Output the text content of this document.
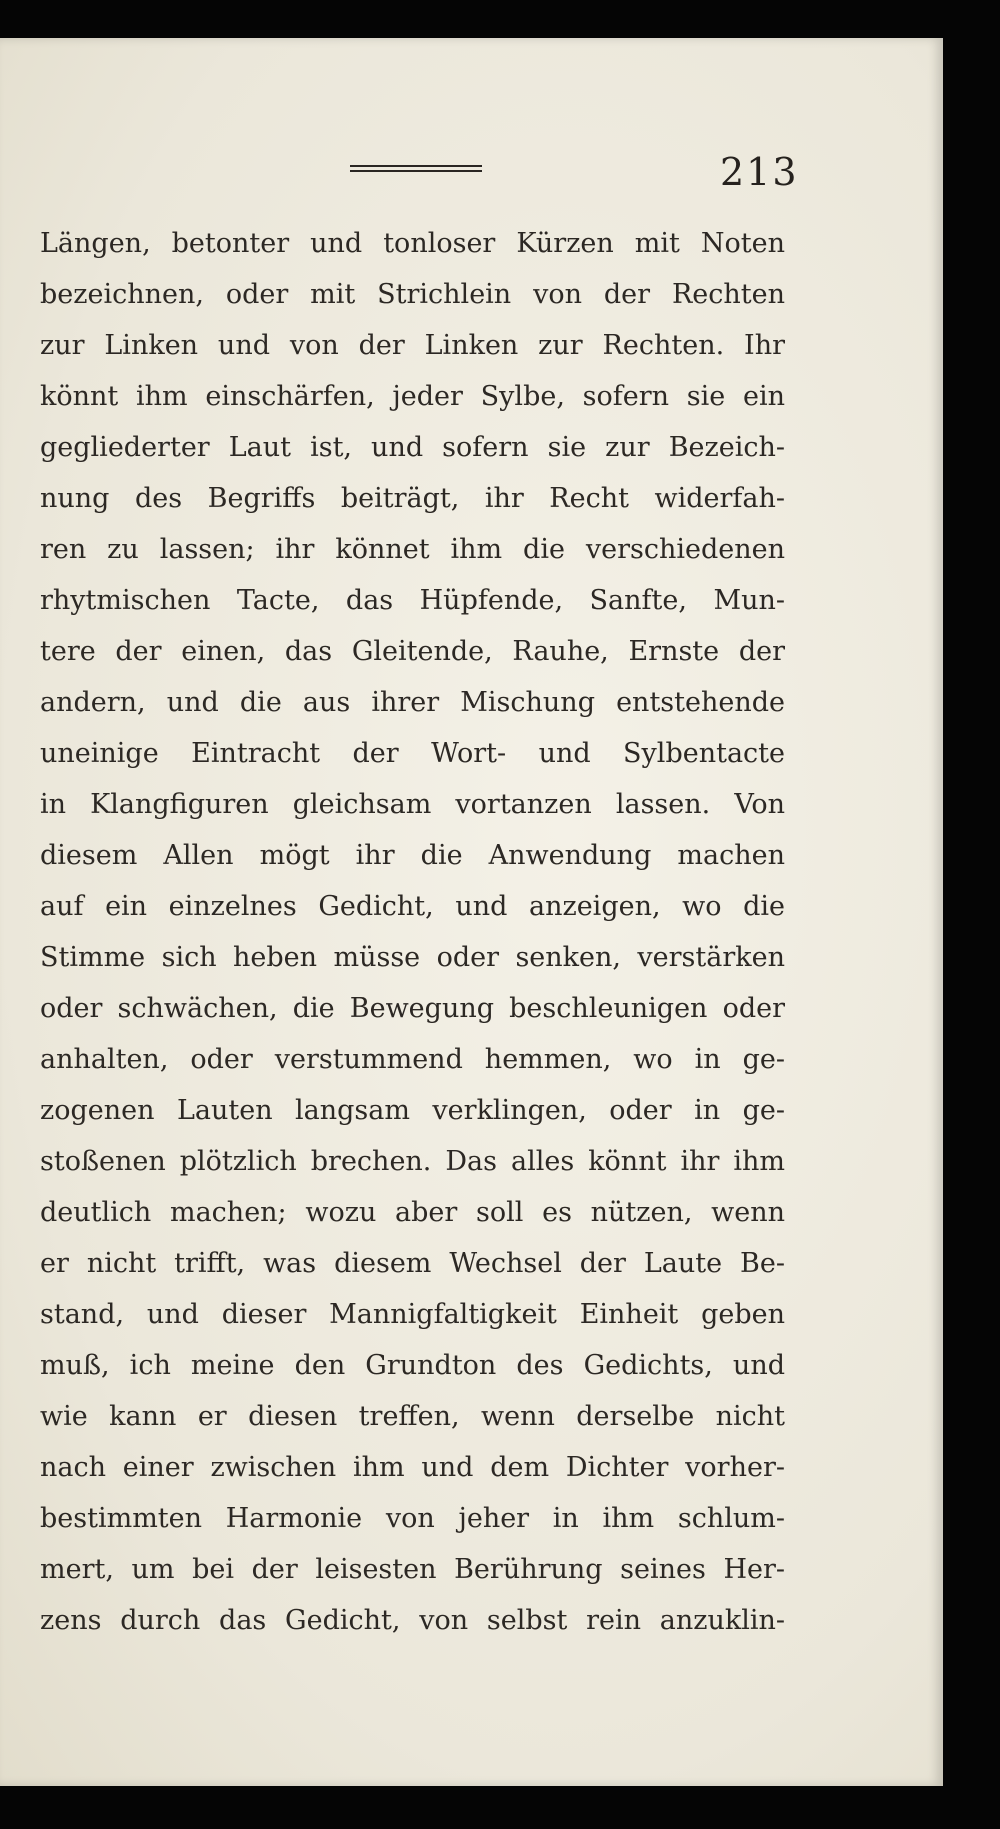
213
Längen, betonter und tonloser Kürzen mit Noten
bezeichnen, oder mit Strichlein von der Rechten
zur Linken und von der Linken zur Rechten. Ihr
könnt ihm einschärfen, jeder Sylbe, sofern sie ein
gegliederter Laut ist, und sofern sie zur Bezeich-
nung des Begriffs beiträgt, ihr Recht widerfah-
ren zu lassen; ihr könnet ihm die verschiedenen
rhytmischen Tacte, das Hüpfende, Sanfte, Mun-
tere der einen, das Gleitende, Rauhe, Ernste der
andern, und die aus ihrer Mischung entstehende
uneinige Eintracht der Wort- und Sylbentacte
in Klangfiguren gleichsam vortanzen lassen. Von
diesem Allen mögt ihr die Anwendung machen
auf ein einzelnes Gedicht, und anzeigen, wo die
Stimme sich heben müsse oder senken, verstärken
oder schwächen, die Bewegung beschleunigen oder
anhalten, oder verstummend hemmen, wo in ge-
zogenen Lauten langsam verklingen, oder in ge-
stoßenen plötzlich brechen. Das alles könnt ihr ihm
deutlich machen; wozu aber soll es nützen, wenn
er nicht trifft, was diesem Wechsel der Laute Be-
stand, und dieser Mannigfaltigkeit Einheit geben
muß, ich meine den Grundton des Gedichts, und
wie kann er diesen treffen, wenn derselbe nicht
nach einer zwischen ihm und dem Dichter vorher-
bestimmten Harmonie von jeher in ihm schlum-
mert, um bei der leisesten Berührung seines Her-
zens durch das Gedicht, von selbst rein anzuklin-
